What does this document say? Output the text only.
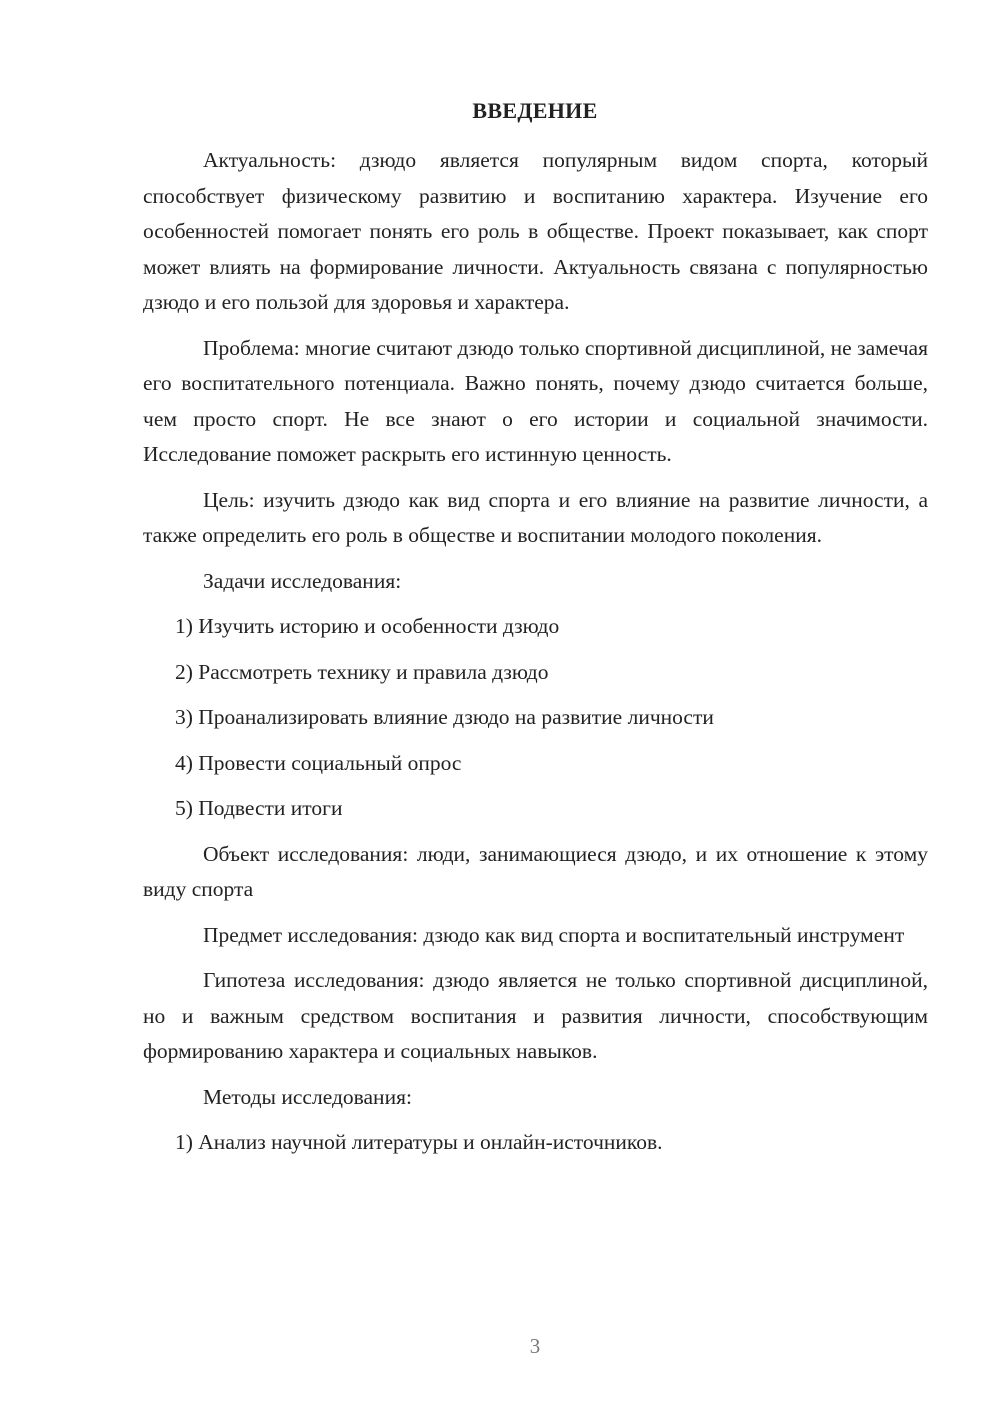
ВВЕДЕНИЕ

Актуальность: дзюдо является популярным видом спорта, который способствует физическому развитию и воспитанию характера. Изучение его особенностей помогает понять его роль в обществе. Проект показывает, как спорт может влиять на формирование личности. Актуальность связана с популярностью дзюдо и его пользой для здоровья и характера.

Проблема: многие считают дзюдо только спортивной дисциплиной, не замечая его воспитательного потенциала. Важно понять, почему дзюдо считается больше, чем просто спорт. Не все знают о его истории и социальной значимости. Исследование поможет раскрыть его истинную ценность.

Цель: изучить дзюдо как вид спорта и его влияние на развитие личности, а также определить его роль в обществе и воспитании молодого поколения.

Задачи исследования:

1) Изучить историю и особенности дзюдо

2) Рассмотреть технику и правила дзюдо

3) Проанализировать влияние дзюдо на развитие личности

4) Провести социальный опрос

5) Подвести итоги

Объект исследования: люди, занимающиеся дзюдо, и их отношение к этому виду спорта

Предмет исследования: дзюдо как вид спорта и воспитательный инструмент

Гипотеза исследования: дзюдо является не только спортивной дисциплиной, но и важным средством воспитания и развития личности, способствующим формированию характера и социальных навыков.

Методы исследования:

1) Анализ научной литературы и онлайн-источников.

3
